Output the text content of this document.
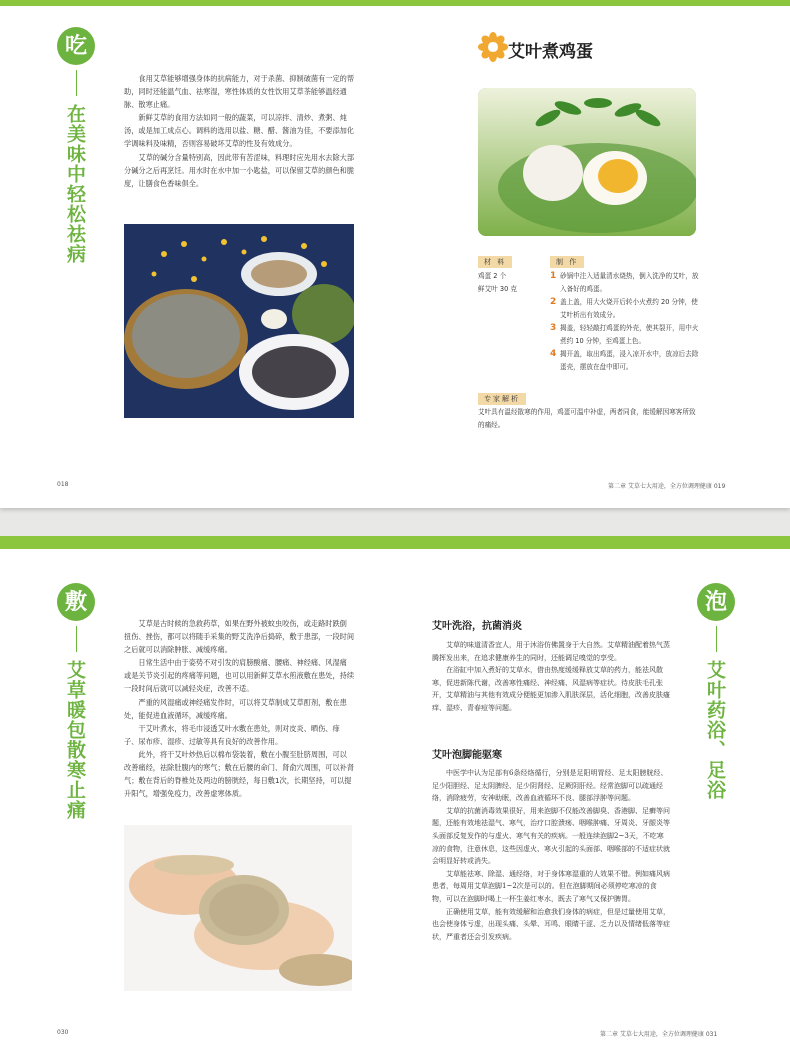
吃
在美味中轻松祛病

食用艾草能够增强身体的抗病能力，对于杀菌、抑制破菌有一定的帮助，同时还能温气血、祛寒湿，寒性体质的女性饮用艾草茶能够温经通脉、散寒止痛。

新鲜艾草的食用方法如同一般的蔬菜，可以凉拌、清炒、煮粥、炖汤，或是加工成点心。调料的选用以盐、糖、醋、酱油为佳，不要添加化学调味料及味精，否则容易破坏艾草的性及有效成分。

艾草的碱分含量特别高，因此带有苦涩味，料理时应先用水去除大部分碱分之后再烹饪。用水时在水中加一小匙盐，可以保留艾草的颜色和脆度，让膳食色香味俱全。

018
艾叶煮鸡蛋
材 料
鸡蛋 2 个
鲜艾叶 30 克
制 作
1 砂锅中注入适量清水烧热，倒入洗净的艾叶，放入备好的鸡蛋。
2 盖上盖，用大火烧开后转小火煮约 20 分钟，使艾叶析出有效成分。
3 揭盖，轻轻敲打鸡蛋的外壳，使其裂开，用中火煮约 10 分钟，至鸡蛋上色。
4 揭开盖，取出鸡蛋，浸入凉开水中，放凉后去除蛋壳，摆放在盘中即可。
专家解析
艾叶具有温经散寒的作用，鸡蛋可温中补虚，两者同食，能缓解因寒客所致的痛经。
第二章 艾草七大用途，全方位调理健康 019
敷
艾草暖包散寒止痛

艾草是古时候的急救药草，如果在野外被蚊虫咬伤，或走路时跌倒扭伤、挫伤，都可以将随手采集的野艾洗净后捣碎，敷于患部，一段时间之后就可以消除肿胀、减缓疼痛。

日常生活中由于姿势不对引发的肩膀酸痛、腰痛、神经痛、风湿痛或是关节炎引起的疼痛等问题，也可以用新鲜艾草水煎液敷在患处，持续一段时间后就可以减轻炎症，改善不适。

严重的风湿痛或神经痛发作时，可以将艾草制成艾草酊剂，敷在患处，能促进血液循环，减缓疼痛。

干艾叶煮水，将毛巾浸透艾叶水敷在患处，则对皮炎、晒伤、痱子、尿布疹、湿疹、过敏等具有良好的改善作用。

此外，将干艾叶炒热后以棉布袋装着，敷在小腹至肚脐周围，可以改善痛经，祛除肚腹内的寒气；敷在后腰的命门、肾俞穴周围，可以补肾气；敷在背后的脊椎处及两边的膀胱经，每日敷1次，长期坚持，可以提升阳气，增强免疫力，改善虚寒体质。

030
艾叶洗浴，抗菌消炎

艾草的味道清香宜人，用于沐浴仿佛置身于大自然。艾草精油配着热气蒸腾挥发出来，在追求健康养生的同时，还能调足嗅觉的享受。

在浴缸中加入煮好的艾草水，借由热度缓缓释放艾草的药力，能祛风散寒，促进新陈代谢，改善寒性痛经、神经痛、风湿病等症状。待皮肤毛孔张开，艾草精油与其他有效成分便能更加渗入肌肤深层，活化细胞，改善皮肤瘙痒、湿疹、青春痘等问题。

艾叶泡脚能驱寒

中医学中认为足部有6条经络循行，分别是足阳明胃经、足太阳膀胱经、足少阳胆经、足太阴脾经、足少阴肾经、足厥阴肝经。经常泡脚可以疏通经络，消除疲劳，安神助眠，改善血液循环不良、腿部浮肿等问题。

艾草的抗菌消毒效果很好，用来泡脚不仅能改善脚臭、香港脚、足癣等问题，还能有效地祛湿气、寒气，治疗口腔溃疡、咽喉肿痛、牙周炎、牙龈炎等头面部反复发作的与虚火、寒气有关的疾病。一般连续泡脚2~3天，不吃寒凉的食物，注意休息，这些因虚火、寒火引起的头面部、咽喉部的不适症状就会明显好转或消失。

艾草能祛寒、除湿、通经络，对于身体寒湿重的人效果不错。例如痛风病患者，每周用艾草泡脚1~2次是可以的。但在泡脚期间必须停吃寒凉的食物，可以在泡脚时喝上一杯生姜红枣水，既去了寒气又保护脾胃。

正确使用艾草，能有效缓解和治愈我们身体的病症，但是过量使用艾草，也会使身体亏虚，出现头痛、头晕、耳鸣、眼睛干涩、乏力以及情绪低落等症状，严重者还会引发疾病。

泡
艾叶药浴、足浴
第二章 艾草七大用途，全方位调理健康 031
